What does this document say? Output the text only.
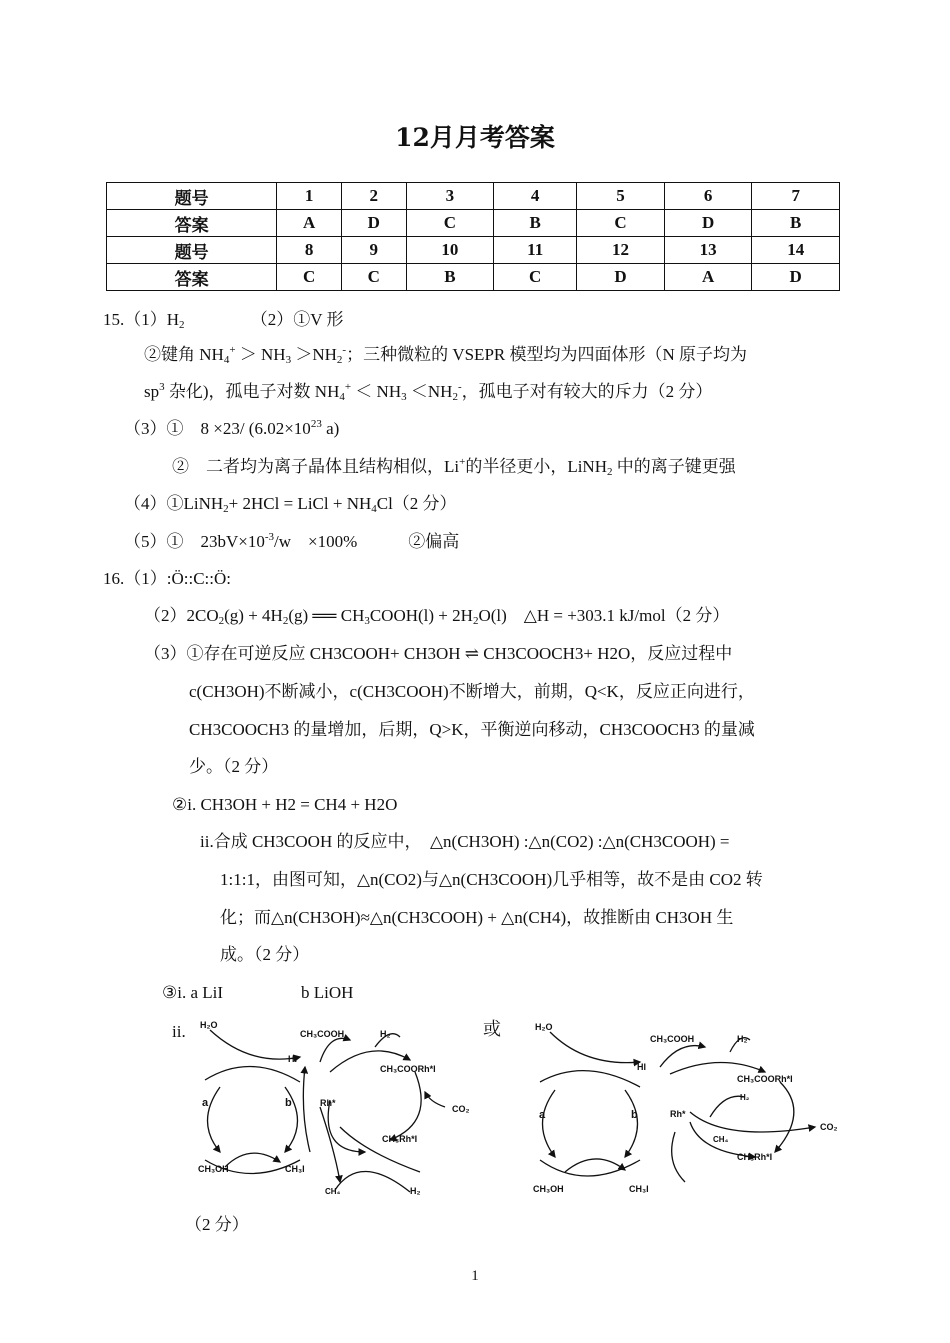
12月月考答案
题号	1	2	3	4	5	6	7
答案	A	D	C	B	C	D	B
题号	8	9	10	11	12	13	14
答案	C	C	B	C	D	A	D
$15.(1)H_2$	（2）①V 形
②键角 $NH_4^+ > NH_3 >NH_2^-$；三种微粒的 VSEPR 模型均为四面体形（N 原子均为
$sp^3$ 杂化)，孤电子对数 $NH_4^+ < NH_3 <NH_2^-$，孤电子对有较大的斥力（2 分）
（3）①　8 ×23/ ($6.02\times 10^{23}$ a)
②　二者均为离子晶体且结构相似，Li+的半径更小，LiNH$_2$ 中的离子键更强
（4）①LiNH$_2$+ 2HCl = LiCl + $NH_4Cl(2$ 分）
（5）①　$23bV\times 10^{-3}/w$　×100%　　　②偏高
16.（1）:Ö::C::Ö:
$(2)2CO_2(g) + 4H_2(g)$ ══ $CH_3COOH(l) + 2H_2O(l)$　△H = +303.1 kJ/mol（2 分）
（3）①存在可逆反应 CH3COOH+ CH3OH ⇌ CH3COOCH3+ H2O，反应过程中
c(CH3OH)不断减小，c(CH3COOH)不断增大，前期，Q<K，反应正向进行，
CH3COOCH3 的量增加，后期，Q>K，平衡逆向移动，CH3COOCH3 的量减
少。（2 分）
②i. CH3OH + H2 = CH4 + H2O
ii.合成 CH3COOH 的反应中，　△n(CH3OH) :△n(CO2) :△n(CH3COOH) =
1:1:1，由图可知，△n(CO2)与△n(CH3COOH)几乎相等，故不是由 CO2 转
化；而△n(CH3OH)≈△n(CH3COOH) + △n(CH4)，故推断由 CH3OH 生
成。（2 分）
③i. a LiI	b LiOH
ii.	或
H₂O
CH₃COOH	H₂
HI
CH₃COORh*I
a	b	Rh*
CO₂
CH₃Rh*I
CH₃OH	CH₃I
CH₄	H₂
H₂O
CH₃COOH	H₂
HI
CH₃COORh*I
H₂
a	b	Rh*
CO₂
CH₄
CH₃Rh*I
CH₃OH	CH₃I
（2 分）
1
